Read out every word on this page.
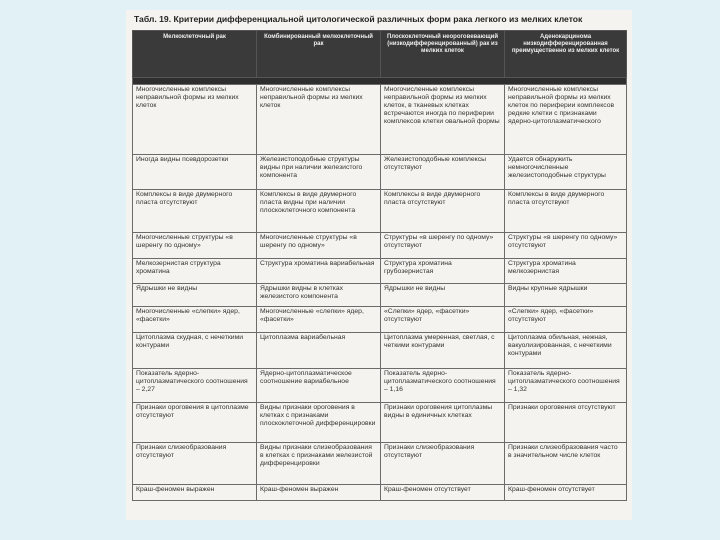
Табл. 19. Критерии дифференциальной цитологической различных форм рака легкого из мелких клеток
Мелкоклеточный рак	Комбинированный мелкоклеточный рак	Плоскоклеточный неороговевающий (низкодифференцированный) рак из мелких клеток	Аденокарцинома низкодифференцированная преимущественно из мелких клеток

Многочисленные комплексы неправильной формы из мелких клеток	Многочисленные комплексы неправильной формы из мелких клеток	Многочисленные комплексы неправильной формы из мелких клеток, в тканевых клетках встречаются иногда по периферии комплексов клетки овальной формы	Многочисленные комплексы неправильной формы из мелких клеток по периферии комплексов редкие клетки с признаками ядерно-цитоплазматического
Иногда видны псевдорозетки	Железистоподобные структуры видны при наличии железистого компонента	Железистоподобные комплексы отсутствуют	Удается обнаружить немногочисленные железистоподобные структуры
Комплексы в виде двумерного пласта отсутствуют	Комплексы в виде двумерного пласта видны при наличии плоскоклеточного компонента	Комплексы в виде двумерного пласта отсутствуют	Комплексы в виде двумерного пласта отсутствуют
Многочисленные структуры «в шеренгу по одному»	Многочисленные структуры «в шеренгу по одному»	Структуры «в шеренгу по одному» отсутствуют	Структуры «в шеренгу по одному» отсутствуют
Мелкозернистая структура хроматина	Структура хроматина вариабельная	Структура хроматина грубозернистая	Структура хроматина мелкозернистая
Ядрышки не видны	Ядрышки видны в клетках железистого компонента	Ядрышки не видны	Видны крупные ядрышки
Многочисленные «слепки» ядер, «фасетки»	Многочисленные «слепки» ядер, «фасетки»	«Слепки» ядер, «фасетки» отсутствуют	«Слепки» ядер, «фасетки» отсутствуют
Цитоплазма скудная, с нечеткими контурами	Цитоплазма вариабельная	Цитоплазма умеренная, светлая, с четкими контурами	Цитоплазма обильная, нежная, вакуолизированная, с нечеткими контурами
Показатель ядерно-цитоплазматического соотношения – 2,27	Ядерно-цитоплазматическое соотношение вариабельное	Показатель ядерно-цитоплазматического соотношения – 1,16	Показатель ядерно-цитоплазматического соотношения – 1,32
Признаки ороговения в цитоплазме отсутствуют	Видны признаки ороговения в клетках с признаками плоскоклеточной дифференцировки	Признаки ороговения цитоплазмы видны в единичных клетках	Признаки ороговения отсутствуют
Признаки слизеобразования отсутствуют	Видны признаки слизеобразования в клетках с признаками железистой дифференцировки	Признаки слизеобразования отсутствуют	Признаки слизеобразования часто в значительном числе клеток
Краш-феномен выражен	Краш-феномен выражен	Краш-феномен отсутствует	Краш-феномен отсутствует
